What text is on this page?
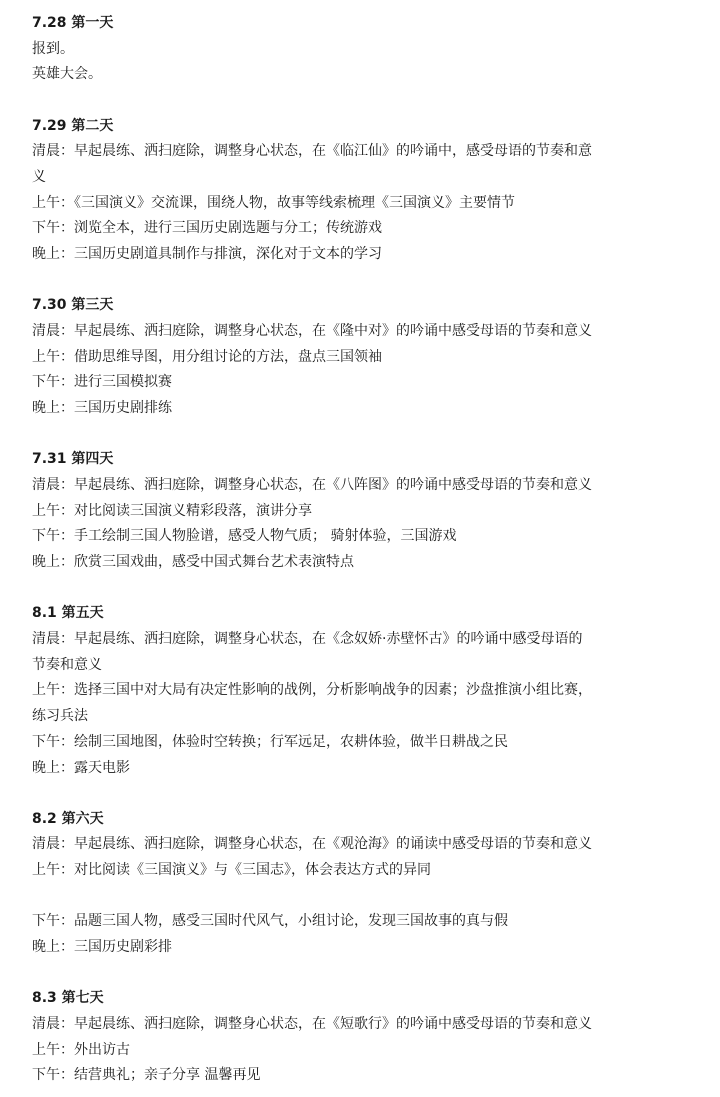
7.28 第一天
报到。
英雄大会。
7.29 第二天
清晨：早起晨练、洒扫庭除，调整身心状态，在《临江仙》的吟诵中，感受母语的节奏和意
义
上午：《三国演义》交流课，围绕人物，故事等线索梳理《三国演义》主要情节
下午：浏览全本，进行三国历史剧选题与分工；传统游戏
晚上：三国历史剧道具制作与排演，深化对于文本的学习
7.30 第三天
清晨：早起晨练、洒扫庭除，调整身心状态，在《隆中对》的吟诵中感受母语的节奏和意义
上午：借助思维导图，用分组讨论的方法，盘点三国领袖
下午：进行三国模拟赛
晚上：三国历史剧排练
7.31 第四天
清晨：早起晨练、洒扫庭除，调整身心状态，在《八阵图》的吟诵中感受母语的节奏和意义
上午：对比阅读三国演义精彩段落，演讲分享
下午：手工绘制三国人物脸谱，感受人物气质； 骑射体验，三国游戏
晚上：欣赏三国戏曲，感受中国式舞台艺术表演特点
8.1 第五天
清晨：早起晨练、洒扫庭除，调整身心状态，在《念奴娇·赤壁怀古》的吟诵中感受母语的
节奏和意义
上午：选择三国中对大局有决定性影响的战例，分析影响战争的因素；沙盘推演小组比赛，
练习兵法
下午：绘制三国地图，体验时空转换；行军远足，农耕体验，做半日耕战之民
晚上：露天电影
8.2 第六天
清晨：早起晨练、洒扫庭除，调整身心状态，在《观沧海》的诵读中感受母语的节奏和意义
上午：对比阅读《三国演义》与《三国志》，体会表达方式的异同
下午：品题三国人物，感受三国时代风气，小组讨论，发现三国故事的真与假
晚上：三国历史剧彩排
8.3 第七天
清晨：早起晨练、洒扫庭除，调整身心状态，在《短歌行》的吟诵中感受母语的节奏和意义
上午：外出访古
下午：结营典礼；亲子分享 温馨再见
